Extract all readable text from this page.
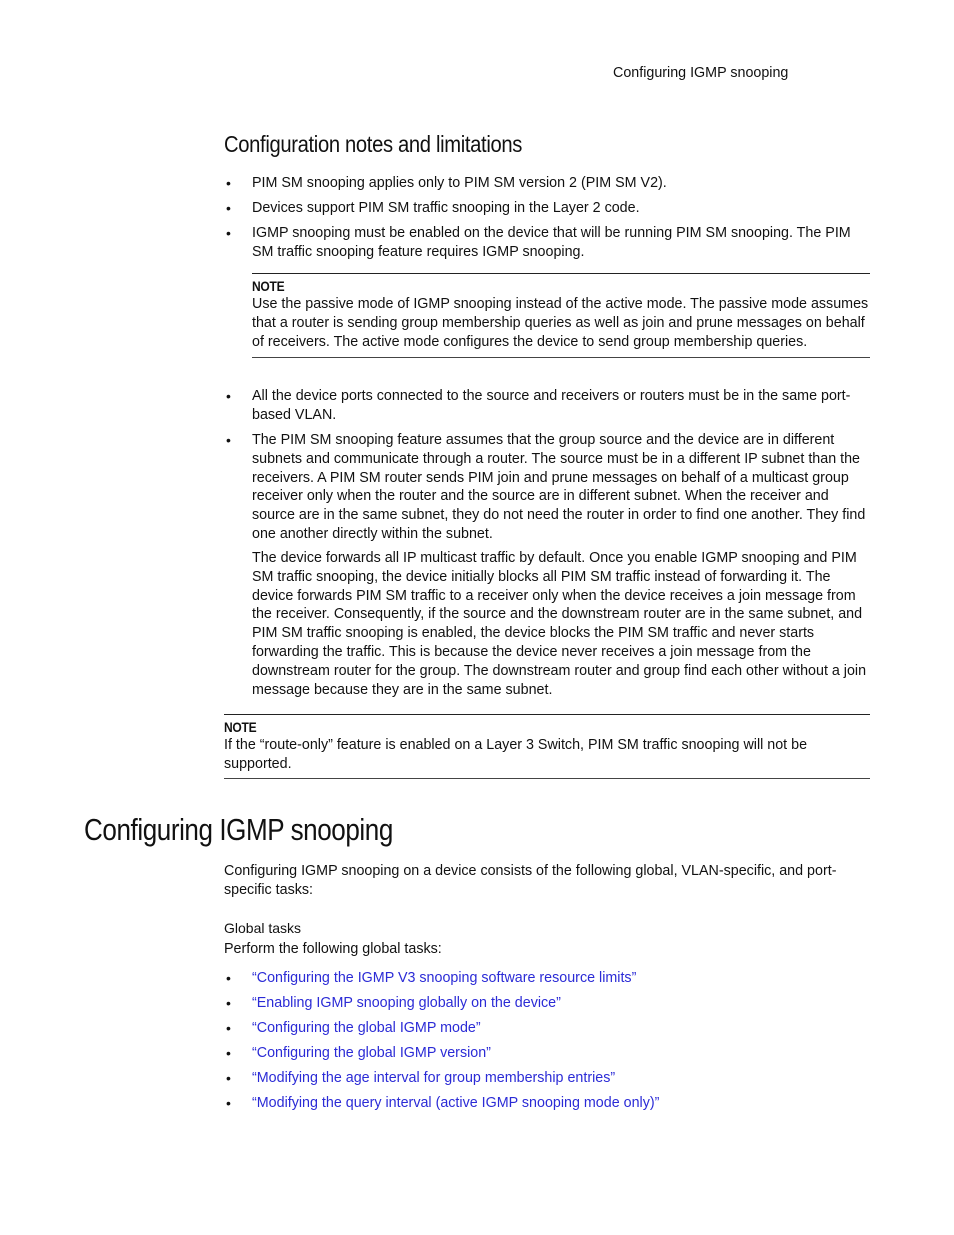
Configuring IGMP snooping
Configuration notes and limitations
• PIM SM snooping applies only to PIM SM version 2 (PIM SM V2).
• Devices support PIM SM traffic snooping in the Layer 2 code.
• IGMP snooping must be enabled on the device that will be running PIM SM snooping. The PIM SM traffic snooping feature requires IGMP snooping.
NOTE
Use the passive mode of IGMP snooping instead of the active mode. The passive mode assumes that a router is sending group membership queries as well as join and prune messages on behalf of receivers. The active mode configures the device to send group membership queries.
• All the device ports connected to the source and receivers or routers must be in the same port-based VLAN.
• The PIM SM snooping feature assumes that the group source and the device are in different subnets and communicate through a router. The source must be in a different IP subnet than the receivers. A PIM SM router sends PIM join and prune messages on behalf of a multicast group receiver only when the router and the source are in different subnet. When the receiver and source are in the same subnet, they do not need the router in order to find one another. They find one another directly within the subnet.
The device forwards all IP multicast traffic by default. Once you enable IGMP snooping and PIM SM traffic snooping, the device initially blocks all PIM SM traffic instead of forwarding it. The device forwards PIM SM traffic to a receiver only when the device receives a join message from the receiver. Consequently, if the source and the downstream router are in the same subnet, and PIM SM traffic snooping is enabled, the device blocks the PIM SM traffic and never starts forwarding the traffic. This is because the device never receives a join message from the downstream router for the group. The downstream router and group find each other without a join message because they are in the same subnet.
NOTE
If the “route-only” feature is enabled on a Layer 3 Switch, PIM SM traffic snooping will not be supported.
Configuring IGMP snooping
Configuring IGMP snooping on a device consists of the following global, VLAN-specific, and port-specific tasks:
Global tasks
Perform the following global tasks:
• “Configuring the IGMP V3 snooping software resource limits”
• “Enabling IGMP snooping globally on the device”
• “Configuring the global IGMP mode”
• “Configuring the global IGMP version”
• “Modifying the age interval for group membership entries”
• “Modifying the query interval (active IGMP snooping mode only)”
